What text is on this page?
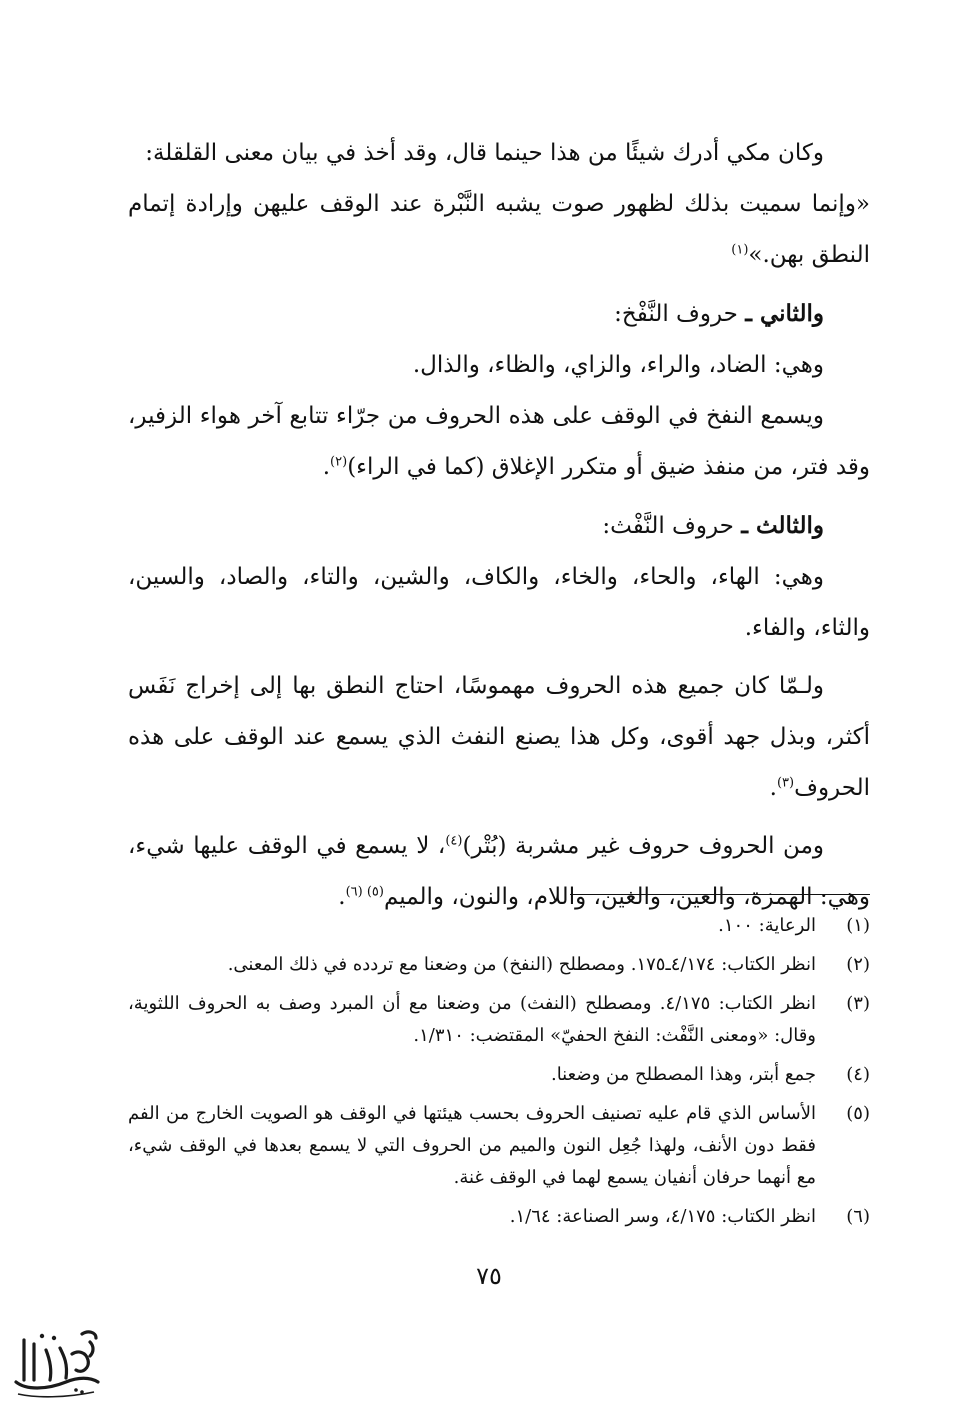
وكان مكي أدرك شيئًا من هذا حينما قال، وقد أخذ في بيان معنى القلقلة:

«وإنما سميت بذلك لظهور صوت يشبه النَّبْرة عند الوقف عليهن وإرادة إتمام النطق بهن.»$^{(١)}$

والثاني ـ حروف النَّفْخ:

وهي: الضاد، والراء، والزاي، والظاء، والذال.

ويسمع النفخ في الوقف على هذه الحروف من جرّاء تتابع آخر هواء الزفير، وقد فتر، من منفذ ضيق أو متكرر الإغلاق (كما في الراء)$^{(٢)}$.

والثالث ـ حروف النَّفْث:

وهي: الهاء، والحاء، والخاء، والكاف، والشين، والتاء، والصاد، والسين، والثاء، والفاء.

ولـمّا كان جميع هذه الحروف مهموسًا، احتاج النطق بها إلى إخراج نَفَس أكثر، وبذل جهد أقوى، وكل هذا يصنع النفث الذي يسمع عند الوقف على هذه الحروف$^{(٣)}$.

ومن الحروف حروف غير مشربة (بُتْر)$^{(٤)}$، لا يسمع في الوقف عليها شيء، وهي: الهمزة، والعين، والغين، واللام، والنون، والميم$^{(٥) (٦)}$.

(١)
الرعاية: ١٠٠.
(٢)
انظر الكتاب: ٤/١٧٤ـ١٧٥. ومصطلح (النفخ) من وضعنا مع تردده في ذلك المعنى.
(٣)
انظر الكتاب: ٤/١٧٥. ومصطلح (النفث) من وضعنا مع أن المبرد وصف به الحروف اللثوية، وقال: «ومعنى النَّفْث: النفخ الحفيّ» المقتضب: ١/٣١٠.
(٤)
جمع أبتر، وهذا المصطلح من وضعنا.
(٥)
الأساس الذي قام عليه تصنيف الحروف بحسب هيئتها في الوقف هو الصويت الخارج من الفم فقط دون الأنف، ولهذا جُعِل النون والميم من الحروف التي لا يسمع بعدها في الوقف شيء، مع أنهما حرفان أنفيان يسمع لهما في الوقف غنة.
(٦)
انظر الكتاب: ٤/١٧٥، وسر الصناعة: ١/٦٤.
٧٥
